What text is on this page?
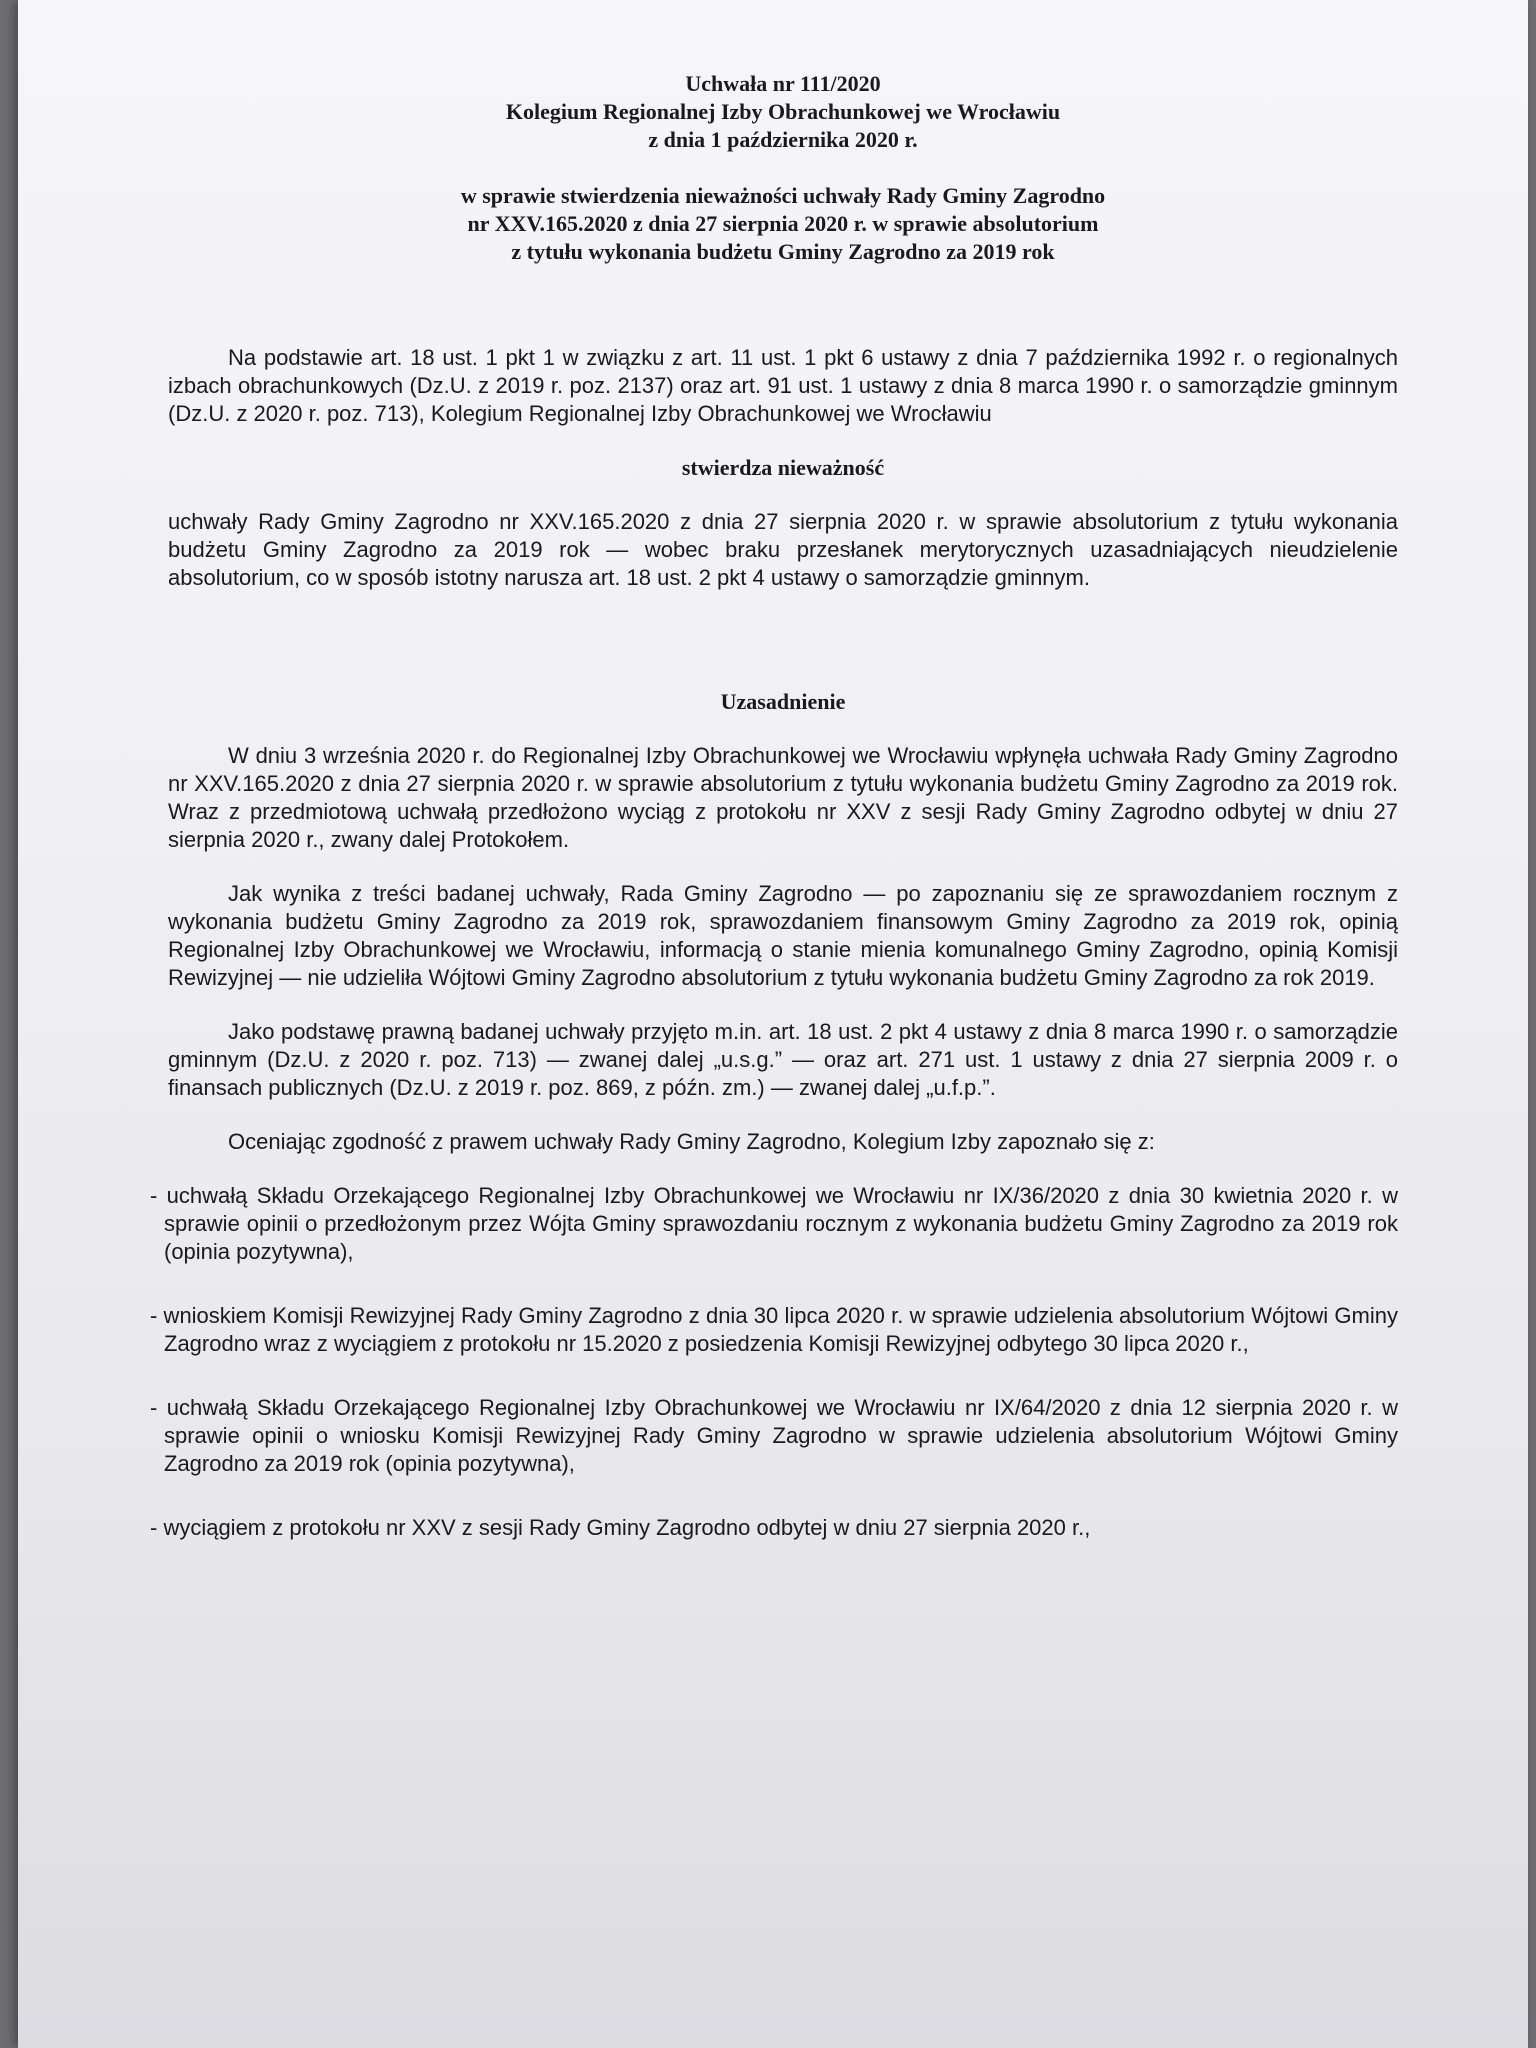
Uchwała nr 111/2020
Kolegium Regionalnej Izby Obrachunkowej we Wrocławiu
z dnia 1 października 2020 r.
w sprawie stwierdzenia nieważności uchwały Rady Gminy Zagrodno
nr XXV.165.2020 z dnia 27 sierpnia 2020 r. w sprawie absolutorium
z tytułu wykonania budżetu Gminy Zagrodno za 2019 rok

Na podstawie art. 18 ust. 1 pkt 1 w związku z art. 11 ust. 1 pkt 6 ustawy z dnia 7 października 1992 r. o regionalnych izbach obrachunkowych (Dz.U. z 2019 r. poz. 2137) oraz art. 91 ust. 1 ustawy z dnia 8 marca 1990 r. o samorządzie gminnym (Dz.U. z 2020 r. poz. 713), Kolegium Regionalnej Izby Obrachunkowej we Wrocławiu

stwierdza nieważność

uchwały Rady Gminy Zagrodno nr XXV.165.2020 z dnia 27 sierpnia 2020 r. w sprawie absolutorium z tytułu wykonania budżetu Gminy Zagrodno za 2019 rok — wobec braku przesłanek merytorycznych uzasadniających nieudzielenie absolutorium, co w sposób istotny narusza art. 18 ust. 2 pkt 4 ustawy o samorządzie gminnym.

Uzasadnienie

W dniu 3 września 2020 r. do Regionalnej Izby Obrachunkowej we Wrocławiu wpłynęła uchwała Rady Gminy Zagrodno nr XXV.165.2020 z dnia 27 sierpnia 2020 r. w sprawie absolutorium z tytułu wykonania budżetu Gminy Zagrodno za 2019 rok. Wraz z przedmiotową uchwałą przedłożono wyciąg z protokołu nr XXV z sesji Rady Gminy Zagrodno odbytej w dniu 27 sierpnia 2020 r., zwany dalej Protokołem.

Jak wynika z treści badanej uchwały, Rada Gminy Zagrodno — po zapoznaniu się ze sprawozdaniem rocznym z wykonania budżetu Gminy Zagrodno za 2019 rok, sprawozdaniem finansowym Gminy Zagrodno za 2019 rok, opinią Regionalnej Izby Obrachunkowej we Wrocławiu, informacją o stanie mienia komunalnego Gminy Zagrodno, opinią Komisji Rewizyjnej — nie udzieliła Wójtowi Gminy Zagrodno absolutorium z tytułu wykonania budżetu Gminy Zagrodno za rok 2019.

Jako podstawę prawną badanej uchwały przyjęto m.in. art. 18 ust. 2 pkt 4 ustawy z dnia 8 marca 1990 r. o samorządzie gminnym (Dz.U. z 2020 r. poz. 713) — zwanej dalej „u.s.g.” — oraz art. 271 ust. 1 ustawy z dnia 27 sierpnia 2009 r. o finansach publicznych (Dz.U. z 2019 r. poz. 869, z późn. zm.) — zwanej dalej „u.f.p.”.

Oceniając zgodność z prawem uchwały Rady Gminy Zagrodno, Kolegium Izby zapoznało się z:

- uchwałą Składu Orzekającego Regionalnej Izby Obrachunkowej we Wrocławiu nr IX/36/2020 z dnia 30 kwietnia 2020 r. w sprawie opinii o przedłożonym przez Wójta Gminy sprawozdaniu rocznym z wykonania budżetu Gminy Zagrodno za 2019 rok (opinia pozytywna),

- wnioskiem Komisji Rewizyjnej Rady Gminy Zagrodno z dnia 30 lipca 2020 r. w sprawie udzielenia absolutorium Wójtowi Gminy Zagrodno wraz z wyciągiem z protokołu nr 15.2020 z posiedzenia Komisji Rewizyjnej odbytego 30 lipca 2020 r.,

- uchwałą Składu Orzekającego Regionalnej Izby Obrachunkowej we Wrocławiu nr IX/64/2020 z dnia 12 sierpnia 2020 r. w sprawie opinii o wniosku Komisji Rewizyjnej Rady Gminy Zagrodno w sprawie udzielenia absolutorium Wójtowi Gminy Zagrodno za 2019 rok (opinia pozytywna),

- wyciągiem z protokołu nr XXV z sesji Rady Gminy Zagrodno odbytej w dniu 27 sierpnia 2020 r.,
